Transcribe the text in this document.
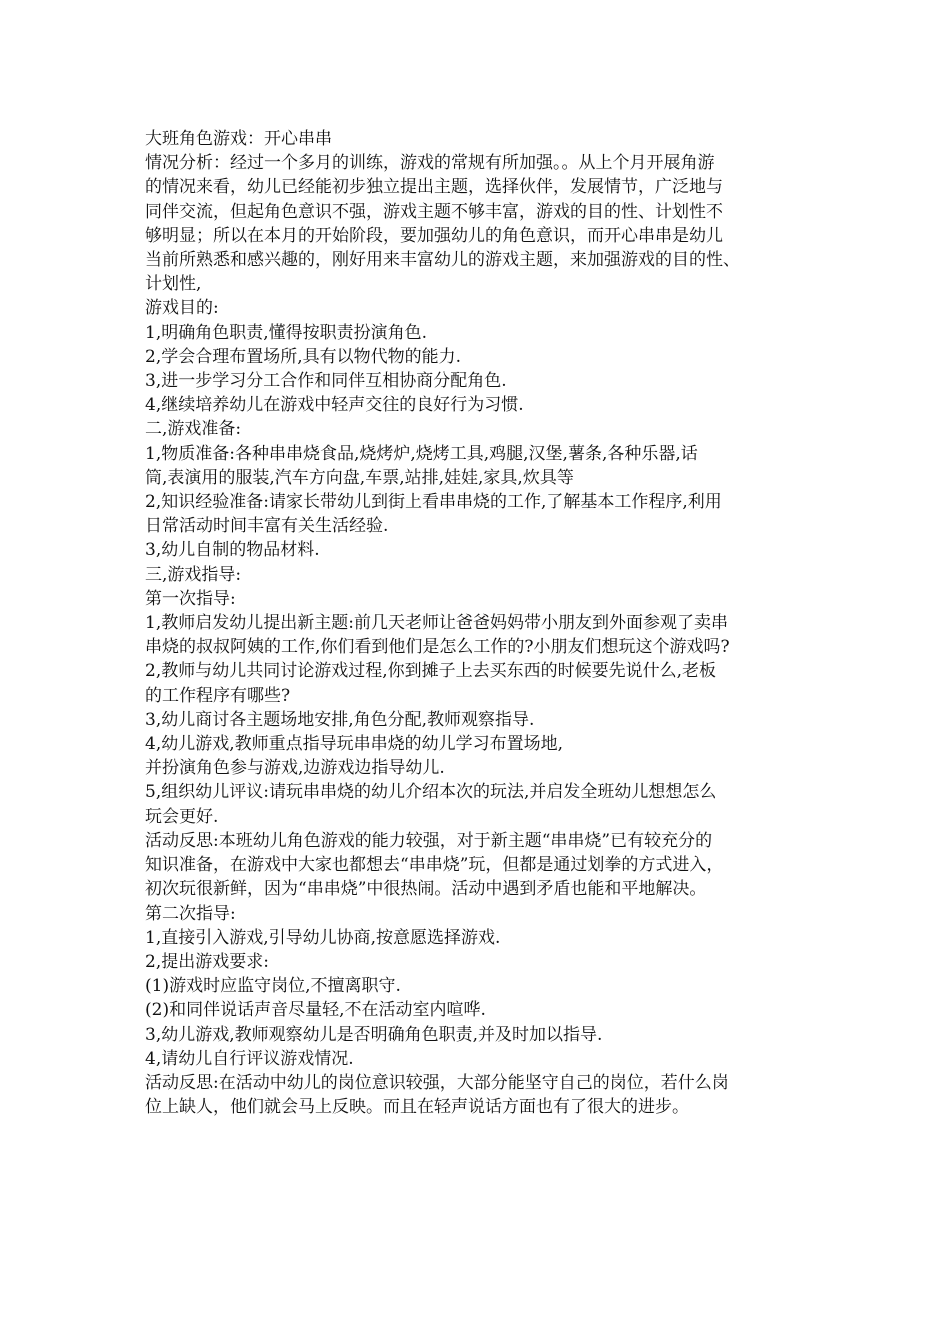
大班角色游戏：开心串串
情况分析：经过一个多月的训练，游戏的常规有所加强。。从上个月开展角游
的情况来看，幼儿已经能初步独立提出主题，选择伙伴，发展情节，广泛地与
同伴交流，但起角色意识不强，游戏主题不够丰富，游戏的目的性、计划性不
够明显；所以在本月的开始阶段，要加强幼儿的角色意识，而开心串串是幼儿
当前所熟悉和感兴趣的，刚好用来丰富幼儿的游戏主题，来加强游戏的目的性、
计划性,
游戏目的:
1,明确角色职责,懂得按职责扮演角色.
2,学会合理布置场所,具有以物代物的能力.
3,进一步学习分工合作和同伴互相协商分配角色.
4,继续培养幼儿在游戏中轻声交往的良好行为习惯.
二,游戏准备:
1,物质准备:各种串串烧食品,烧烤炉,烧烤工具,鸡腿,汉堡,薯条,各种乐器,话
筒,表演用的服装,汽车方向盘,车票,站排,娃娃,家具,炊具等
2,知识经验准备:请家长带幼儿到街上看串串烧的工作,了解基本工作程序,利用
日常活动时间丰富有关生活经验.
3,幼儿自制的物品材料.
三,游戏指导:
第一次指导:
1,教师启发幼儿提出新主题:前几天老师让爸爸妈妈带小朋友到外面参观了卖串
串烧的叔叔阿姨的工作,你们看到他们是怎么工作的?小朋友们想玩这个游戏吗?
2,教师与幼儿共同讨论游戏过程,你到摊子上去买东西的时候要先说什么,老板
的工作程序有哪些?
3,幼儿商讨各主题场地安排,角色分配,教师观察指导.
4,幼儿游戏,教师重点指导玩串串烧的幼儿学习布置场地,
并扮演角色参与游戏,边游戏边指导幼儿.
5,组织幼儿评议:请玩串串烧的幼儿介绍本次的玩法,并启发全班幼儿想想怎么
玩会更好.
活动反思:本班幼儿角色游戏的能力较强，对于新主题“串串烧”已有较充分的
知识准备，在游戏中大家也都想去“串串烧”玩，但都是通过划拳的方式进入，
初次玩很新鲜，因为“串串烧”中很热闹。活动中遇到矛盾也能和平地解决。
第二次指导:
1,直接引入游戏,引导幼儿协商,按意愿选择游戏.
2,提出游戏要求:
(1)游戏时应监守岗位,不擅离职守.
(2)和同伴说话声音尽量轻,不在活动室内喧哗.
3,幼儿游戏,教师观察幼儿是否明确角色职责,并及时加以指导.
4,请幼儿自行评议游戏情况.
活动反思:在活动中幼儿的岗位意识较强，大部分能坚守自己的岗位，若什么岗
位上缺人，他们就会马上反映。而且在轻声说话方面也有了很大的进步。
